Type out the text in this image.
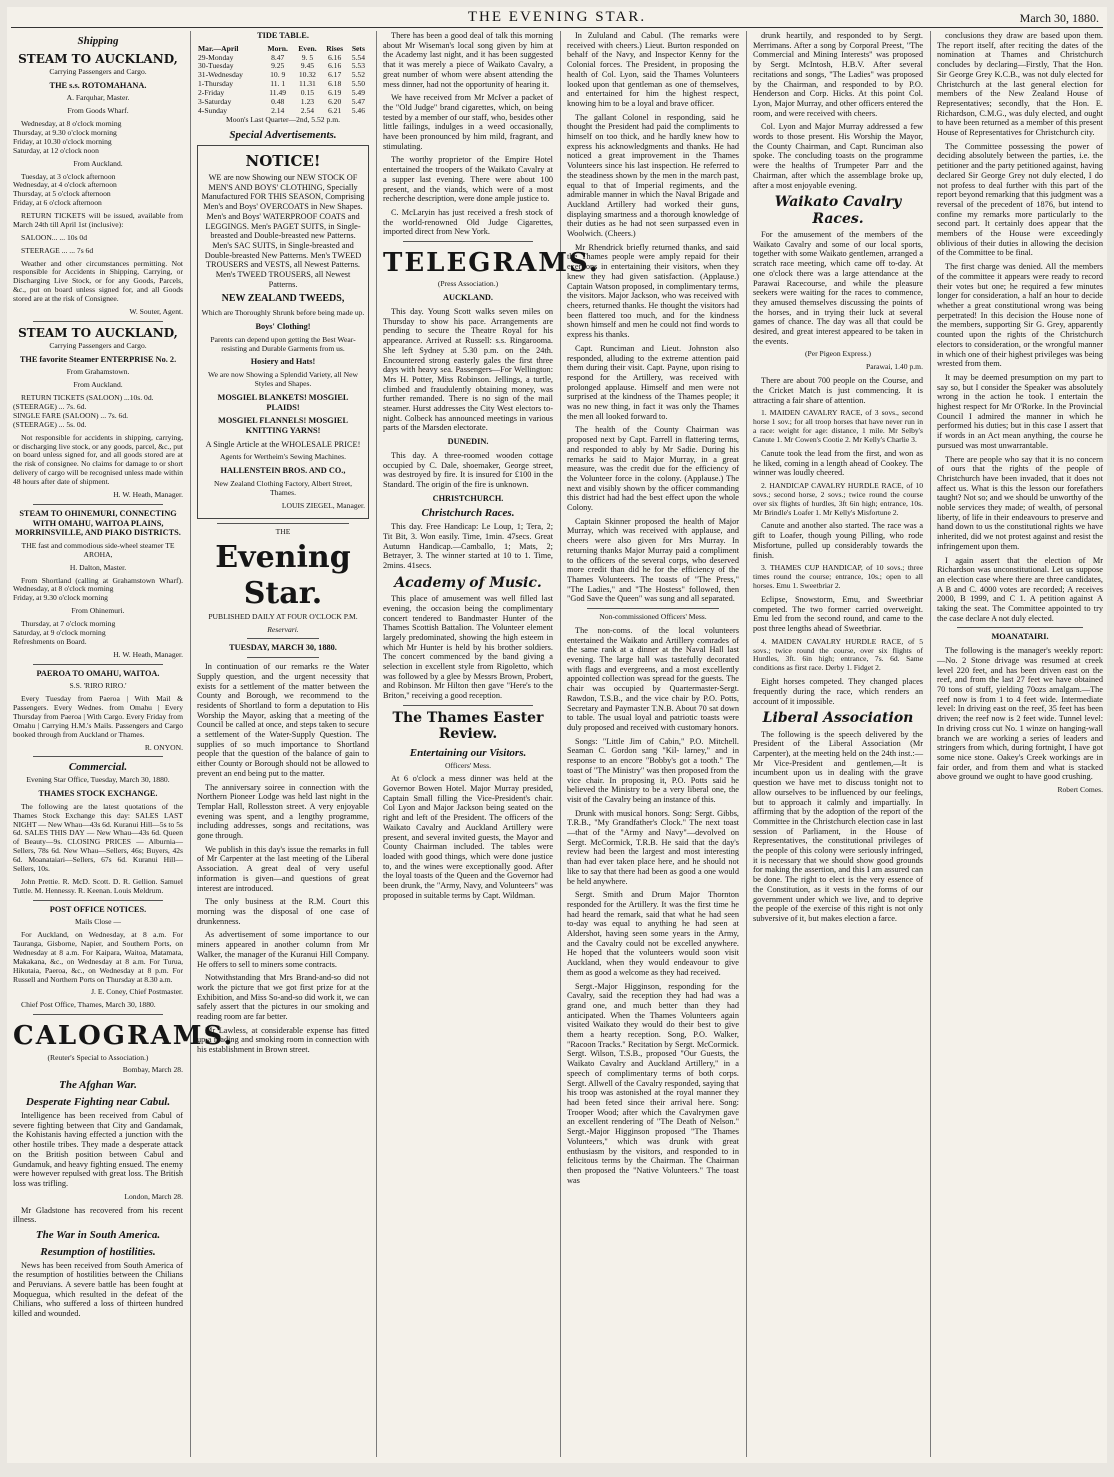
THE EVENING STAR.	March 30, 1880.
Shipping
STEAM TO AUCKLAND,

Carrying Passengers and Cargo.

THE s.s. ROTOMAHANA.

A. Farquhar, Master.

From Goods Wharf.

Wednesday, at 8 o'clock morning
Thursday, at 9.30 o'clock morning
Friday, at 10.30 o'clock morning
Saturday, at 12 o'clock noon

From Auckland.

Tuesday, at 3 o'clock afternoon
Wednesday, at 4 o'clock afternoon
Thursday, at 5 o'clock afternoon
Friday, at 6 o'clock afternoon

RETURN TICKETS will be issued, available from March 24th till April 1st (inclusive):

SALOON... ... 10s 0d

STEERAGE ... ... 7s 6d

Weather and other circumstances permitting. Not responsible for Accidents in Shipping, Carrying, or Discharging Live Stock, or for any Goods, Parcels, &c., put on board unless signed for, and all Goods stored are at the risk of Consignee.

W. Souter, Agent.

STEAM TO AUCKLAND,

Carrying Passengers and Cargo.

THE favorite Steamer ENTERPRISE No. 2.

From Grahamstown.

From Auckland.

RETURN TICKETS (SALOON) ...10s. 0d.
(STEERAGE) ... 7s. 6d.
SINGLE FARE (SALOON) ... 7s. 6d.
(STEERAGE) ... 5s. 0d.

Not responsible for accidents in shipping, carrying, or discharging live stock, or any goods, parcel, &c., put on board unless signed for, and all goods stored are at the risk of consignee. No claims for damage to or short delivery of cargo will be recognised unless made within 48 hours after date of shipment.

H. W. Heath, Manager.

STEAM TO OHINEMURI, CONNECTING WITH OMAHU, WAITOA PLAINS, MORRINSVILLE, AND PIAKO DISTRICTS.

THE fast and commodious side-wheel steamer TE AROHA,

H. Dalton, Master.

From Shortland (calling at Grahamstown Wharf). Wednesday, at 8 o'clock morning
Friday, at 9.30 o'clock morning

From Ohinemuri.

Thursday, at 7 o'clock morning
Saturday, at 9 o'clock morning
Refreshments on Board.

H. W. Heath, Manager.

PAEROA TO OMAHU, WAITOA.

S.S. 'RIRO RIRO.'

Every Tuesday from Paeroa | With Mail & Passengers. Every Wednes. from Omahu | Every Thursday from Paeroa | With Cargo. Every Friday from Omahu | Carrying H.M.'s Mails. Passengers and Cargo booked through from Auckland or Thames.

R. ONYON.

Commercial.

Evening Star Office, Tuesday, March 30, 1880.

THAMES STOCK EXCHANGE.

The following are the latest quotations of the Thames Stock Exchange this day: SALES LAST NIGHT — New Whau—43s 6d. Kuranui Hill—5s to 5s 6d. SALES THIS DAY — New Whau—43s 6d. Queen of Beauty—9s. CLOSING PRICES — Alburnia—Sellers, 78s 6d. New Whau—Sellers, 46s; Buyers, 42s 6d. Moanataiari—Sellers, 67s 6d. Kuranui Hill—Sellers, 10s.

John Prettie. R. McD. Scott. D. R. Gellion. Samuel Tuttle. M. Hennessy. R. Keenan. Louis Meldrum.

POST OFFICE NOTICES.

Mails Close —

For Auckland, on Wednesday, at 8 a.m. For Tauranga, Gisborne, Napier, and Southern Ports, on Wednesday at 8 a.m. For Kaipara, Waitoa, Matamata, Makakana, &c., on Wednesday at 8 a.m. For Turua, Hikutaia, Paeroa, &c., on Wednesday at 8 p.m. For Russell and Northern Ports on Thursday at 8.30 a.m.

J. E. Coney, Chief Postmaster.

Chief Post Office, Thames, March 30, 1880.

CALOGRAMS.

(Reuter's Special to Association.)

Bombay, March 28.

The Afghan War.
Desperate Fighting near Cabul.

Intelligence has been received from Cabul of severe fighting between that City and Gandamak, the Kohistanis having effected a junction with the other hostile tribes. They made a desperate attack on the British position between Cabul and Gundamuk, and heavy fighting ensued. The enemy were however repulsed with great loss. The British loss was trifling.

London, March 28.

Mr Gladstone has recovered from his recent illness.

The War in South America.
Resumption of hostilities.

News has been received from South America of the resumption of hostilities between the Chilians and Peruvians. A severe battle has been fought at Moquegua, which resulted in the defeat of the Chilians, who suffered a loss of thirteen hundred killed and wounded.

TIDE TABLE.

Mar.—April	Morn.	Even.	Rises	Sets
29-Monday	8.47	9. 5	6.16	5.54
30-Tuesday	9.25	9.45	6.16	5.53
31-Wednesday	10. 9	10.32	6.17	5.52
1-Thursday	11. 1	11.31	6.18	5.50
2-Friday	11.49	0.15	6.19	5.49
3-Saturday	0.48	1.23	6.20	5.47
4-Sunday	2.14	2.54	6.21	5.46

Moon's Last Quarter—2nd, 5.52 p.m.

Special Advertisements.
NOTICE!

WE are now Showing our NEW STOCK OF MEN'S AND BOYS' CLOTHING, Specially Manufactured FOR THIS SEASON, Comprising Men's and Boys' OVERCOATS in New Shapes. Men's and Boys' WATERPROOF COATS and LEGGINGS. Men's PAGET SUITS, in Single-breasted and Double-breasted new Patterns. Men's SAC SUITS, in Single-breasted and Double-breasted New Patterns. Men's TWEED TROUSERS and VESTS, all Newest Patterns. Men's TWEED TROUSERS, all Newest Patterns.

NEW ZEALAND TWEEDS,

Which are Thoroughly Shrunk before being made up.

Boys' Clothing!

Parents can depend upon getting the Best Wear-resisting and Durable Garments from us.

Hosiery and Hats!

We are now Showing a Splendid Variety, all New Styles and Shapes.

MOSGIEL BLANKETS! MOSGIEL PLAIDS!

MOSGIEL FLANNELS! MOSGIEL KNITTING YARNS!

A Single Article at the WHOLESALE PRICE!

Agents for Wertheim's Sewing Machines.

HALLENSTEIN BROS. AND CO.,

New Zealand Clothing Factory, Albert Street, Thames.

LOUIS ZIEGEL, Manager.

THE

Evening Star.

PUBLISHED DAILY AT FOUR O'CLOCK P.M.

Reservari.

TUESDAY, MARCH 30, 1880.

In continuation of our remarks re the Water Supply question, and the urgent necessity that exists for a settlement of the matter between the County and Borough, we recommend to the residents of Shortland to form a deputation to His Worship the Mayor, asking that a meeting of the Council be called at once, and steps taken to secure a settlement of the Water-Supply Question. The supplies of so much importance to Shortland people that the question of the balance of gain to either County or Borough should not be allowed to prevent an end being put to the matter.

The anniversary soiree in connection with the Northern Pioneer Lodge was held last night in the Templar Hall, Rollesston street. A very enjoyable evening was spent, and a lengthy programme, including addresses, songs and recitations, was gone through.

We publish in this day's issue the remarks in full of Mr Carpenter at the last meeting of the Liberal Association. A great deal of very useful information is given—and questions of great interest are introduced.

The only business at the R.M. Court this morning was the disposal of one case of drunkenness.

As advertisement of some importance to our miners appeared in another column from Mr Walker, the manager of the Kuranui Hill Company. He offers to sell to miners some contracts.

Notwithstanding that Mrs Brand-and-so did not work the picture that we got first prize for at the Exhibition, and Miss So-and-so did work it, we can safely assert that the pictures in our smoking and reading room are far better.

Mr Lawless, at considerable expense has fitted up a reading and smoking room in connection with his establishment in Brown street.

There has been a good deal of talk this morning about Mr Wiseman's local song given by him at the Academy last night, and it has been suggested that it was merely a piece of Waikato Cavalry, a great number of whom were absent attending the mess dinner, had not the opportunity of hearing it.

We have received from Mr McIver a packet of the "Old Judge" brand cigarettes, which, on being tested by a member of our staff, who, besides other little failings, indulges in a weed occasionally, have been pronounced by him mild, fragrant, and stimulating.

The worthy proprietor of the Empire Hotel entertained the troopers of the Waikato Cavalry at a supper last evening. There were about 100 present, and the viands, which were of a most recherche description, were done ample justice to.

C. McLaryin has just received a fresh stock of the world-renowned Old Judge Cigarettes, imported direct from New York.

TELEGRAMS.

(Press Association.)

AUCKLAND.

This day. Young Scott walks seven miles on Thursday to show his pace. Arrangements are pending to secure the Theatre Royal for his appearance. Arrived at Russell: s.s. Ringarooma. She left Sydney at 5.30 p.m. on the 24th. Encountered strong easterly gales the first three days with heavy sea. Passengers—For Wellington: Mrs H. Potter, Miss Robinson. Jellings, a turtle, climbed and fraudulently obtaining money, was further remanded. There is no sign of the mail steamer. Hurst addresses the City West electors to-night. Colbeck has announced meetings in various parts of the Marsden electorate.

DUNEDIN.

This day. A three-roomed wooden cottage occupied by C. Dale, shoemaker, George street, was destroyed by fire. It is insured for £100 in the Standard. The origin of the fire is unknown.

CHRISTCHURCH.

Christchurch Races.

This day. Free Handicap: Le Loup, 1; Tera, 2; Tit Bit, 3. Won easily. Time, 1min. 47secs. Great Autumn Handicap.—Camballo, 1; Mats, 2; Betrayer, 3. The winner started at 10 to 1. Time, 2mins. 41secs.

Academy of Music.

This place of amusement was well filled last evening, the occasion being the complimentary concert tendered to Bandmaster Hunter of the Thames Scottish Battalion. The Volunteer element largely predominated, showing the high esteem in which Mr Hunter is held by his brother soldiers. The concert commenced by the band giving a selection in excellent style from Rigoletto, which was followed by a glee by Messrs Brown, Probert, and Robinson. Mr Hilton then gave "Here's to the Briton," receiving a good reception.

The Thames Easter Review.
Entertaining our Visitors.

Officers' Mess.

At 6 o'clock a mess dinner was held at the Governor Bowen Hotel. Major Murray presided, Captain Small filling the Vice-President's chair. Col Lyon and Major Jackson being seated on the right and left of the President. The officers of the Waikato Cavalry and Auckland Artillery were present, and several invited guests, the Mayor and County Chairman included. The tables were loaded with good things, which were done justice to, and the wines were exceptionally good. After the loyal toasts of the Queen and the Governor had been drunk, the "Army, Navy, and Volunteers" was proposed in suitable terms by Capt. Wildman.

In Zululand and Cabul. (The remarks were received with cheers.) Lieut. Burton responded on behalf of the Navy, and Inspector Kenny for the Colonial forces. The President, in proposing the health of Col. Lyon, said the Thames Volunteers looked upon that gentleman as one of themselves, and entertained for him the highest respect, knowing him to be a loyal and brave officer.

The gallant Colonel in responding, said he thought the President had paid the compliments to himself on too thick, and he hardly knew how to express his acknowledgments and thanks. He had noticed a great improvement in the Thames Volunteers since his last inspection. He referred to the steadiness shown by the men in the march past, equal to that of Imperial regiments, and the admirable manner in which the Naval Brigade and Auckland Artillery had worked their guns, displaying smartness and a thorough knowledge of their duties as he had not seen surpassed even in Woolwich. (Cheers.)

Mr Rhendrick briefly returned thanks, and said the Thames people were amply repaid for their exertions in entertaining their visitors, when they knew they had given satisfaction. (Applause.) Captain Watson proposed, in complimentary terms, the visitors. Major Jackson, who was received with cheers, returned thanks. He thought the visitors had been flattered too much, and for the kindness shown himself and men he could not find words to express his thanks.

Capt. Runciman and Lieut. Johnston also responded, alluding to the extreme attention paid them during their visit. Capt. Payne, upon rising to respond for the Artillery, was received with prolonged applause. Himself and men were not surprised at the kindness of the Thames people; it was no new thing, in fact it was only the Thames the men all looked forward to.

The health of the County Chairman was proposed next by Capt. Farrell in flattering terms, and responded to ably by Mr Sadie. During his remarks he said to Major Murray, in a great measure, was the credit due for the efficiency of the Volunteer force in the colony. (Applause.) The next and visibly shown by the officer commanding this district had had the best effect upon the whole Colony.

Captain Skinner proposed the health of Major Murray, which was received with applause, and cheers were also given for Mrs Murray. In returning thanks Major Murray paid a compliment to the officers of the several corps, who deserved more credit than did he for the efficiency of the Thames Volunteers. The toasts of "The Press," "The Ladies," and "The Hostess" followed, then "God Save the Queen" was sung and all separated.

Non-commissioned Officers' Mess.

The non-coms. of the local volunteers entertained the Waikato and Artillery comrades of the same rank at a dinner at the Naval Hall last evening. The large hall was tastefully decorated with flags and evergreens, and a most excellently appointed collection was spread for the guests. The chair was occupied by Quartermaster-Sergt. Rawdon, T.S.B., and the vice chair by P.O. Potts, Secretary and Paymaster T.N.B. About 70 sat down to table. The usual loyal and patriotic toasts were duly proposed and received with customary honors.

Songs: "Little Jim of Cabin," P.O. Mitchell. Seaman C. Gordon sang "Kil- larney," and in response to an encore "Bobby's got a tooth." The toast of "The Ministry" was then proposed from the vice chair. In proposing it, P.O. Potts said he believed the Ministry to be a very liberal one, the visit of the Cavalry being an instance of this.

Drunk with musical honors. Song: Sergt. Gibbs, T.R.B., "My Grandfather's Clock." The next toast—that of the "Army and Navy"—devolved on Sergt. McCormick, T.R.B. He said that the day's review had been the largest and most interesting than had ever taken place here, and he should not like to say that there had been as good a one would be held anywhere.

Sergt. Smith and Drum Major Thornton responded for the Artillery. It was the first time he had heard the remark, said that what he had seen to-day was equal to anything he had seen at Aldershot, having seen some years in the Army, and the Cavalry could not be excelled anywhere. He hoped that the volunteers would soon visit Auckland, when they would endeavour to give them as good a welcome as they had received.

Sergt.-Major Higginson, responding for the Cavalry, said the reception they had had was a grand one, and much better than they had anticipated. When the Thames Volunteers again visited Waikato they would do their best to give them a hearty reception. Song, P.O. Walker, "Racoon Tracks." Recitation by Sergt. McCormick. Sergt. Wilson, T.S.B., proposed "Our Guests, the Waikato Cavalry and Auckland Artillery," in a speech of complimentary terms of both corps. Sergt. Allwell of the Cavalry responded, saying that his troop was astonished at the royal manner they had been feted since their arrival here. Song: Trooper Wood; after which the Cavalrymen gave an excellent rendering of "The Death of Nelson." Sergt.-Major Higginson proposed "The Thames Volunteers," which was drunk with great enthusiasm by the visitors, and responded to in felicitous terms by the Chairman. The Chairman then proposed the "Native Volunteers." The toast was

drunk heartily, and responded to by Sergt. Merrimans. After a song by Corporal Preest, "The Commercial and Mining Interests" was proposed by Sergt. McIntosh, H.B.V. After several recitations and songs, "The Ladies" was proposed by the Chairman, and responded to by P.O. Henderson and Corp. Hicks. At this point Col. Lyon, Major Murray, and other officers entered the room, and were received with cheers.

Col. Lyon and Major Murray addressed a few words to those present. His Worship the Mayor, the County Chairman, and Capt. Runciman also spoke. The concluding toasts on the programme were the healths of Trumpeter Parr and the Chairman, after which the assemblage broke up, after a most enjoyable evening.

Waikato Cavalry Races.

For the amusement of the members of the Waikato Cavalry and some of our local sports, together with some Waikato gentlemen, arranged a scratch race meeting, which came off to-day. At one o'clock there was a large attendance at the Parawai Racecourse, and while the pleasure seekers were waiting for the races to commence, they amused themselves discussing the points of the horses, and in trying their luck at several games of chance. The day was all that could be desired, and great interest appeared to be taken in the events.

(Per Pigeon Express.)

Parawai, 1.40 p.m.

There are about 700 people on the Course, and the Cricket Match is just commencing. It is attracting a fair share of attention.

1. MAIDEN CAVALRY RACE, of 3 sovs., second horse 1 sov.; for all troop horses that have never run in a race: weight for age: distance, 1 mile. Mr Selby's Canute 1. Mr Cowen's Cootie 2. Mr Kelly's Charlie 3.

Canute took the lead from the first, and won as he liked, coming in a length ahead of Cookey. The winner was loudly cheered.

2. HANDICAP CAVALRY HURDLE RACE, of 10 sovs.; second horse, 2 sovs.; twice round the course over six flights of hurdles, 3ft 6in high; entrance, 10s. Mr Brindle's Loafer 1. Mr Kelly's Misfortune 2.

Canute and another also started. The race was a gift to Loafer, though young Pilling, who rode Misfortune, pulled up considerably towards the finish.

3. THAMES CUP HANDICAP, of 10 sovs.; three times round the course; entrance, 10s.; open to all horses. Emu 1. Sweetbriar 2.

Eclipse, Snowstorm, Emu, and Sweetbriar competed. The two former carried overweight. Emu led from the second round, and came to the post three lengths ahead of Sweetbriar.

4. MAIDEN CAVALRY HURDLE RACE, of 5 sovs.; twice round the course, over six flights of Hurdles, 3ft. 6in high; entrance, 7s. 6d. Same conditions as first race. Derby 1. Fidget 2.

Eight horses competed. They changed places frequently during the race, which renders an account of it impossible.

Liberal Association

The following is the speech delivered by the President of the Liberal Association (Mr Carpenter), at the meeting held on the 24th inst.:— Mr Vice-President and gentlemen,—It is incumbent upon us in dealing with the grave question we have met to discuss tonight not to allow ourselves to be influenced by our feelings, but to approach it calmly and impartially. In affirming that by the adoption of the report of the Committee in the Christchurch election case in last session of Parliament, in the House of Representatives, the constitutional privileges of the people of this colony were seriously infringed, it is necessary that we should show good grounds for making the assertion, and this I am assured can be done. The right to elect is the very essence of the Constitution, as it vests in the forms of our government under which we live, and to deprive the people of the exercise of this right is not only subversive of it, but makes election a farce.

conclusions they draw are based upon them. The report itself, after reciting the dates of the nomination at Thames and Christchurch concludes by declaring—Firstly, That the Hon. Sir George Grey K.C.B., was not duly elected for Christchurch at the last general election for members of the New Zealand House of Representatives; secondly, that the Hon. E. Richardson, C.M.G., was duly elected, and ought to have been returned as a member of this present House of Representatives for Christchurch city.

The Committee possessing the power of deciding absolutely between the parties, i.e. the petitioner and the party petitioned against, having declared Sir George Grey not duly elected, I do not profess to deal further with this part of the report beyond remarking that this judgment was a reversal of the precedent of 1876, but intend to confine my remarks more particularly to the second part. It certainly does appear that the members of the House were exceedingly oblivious of their duties in allowing the decision of the Committee to be final.

The first charge was denied. All the members of the committee it appears were ready to record their votes but one; he required a few minutes longer for consideration, a half an hour to decide whether a great constitutional wrong was being perpetrated! In this decision the House none of the members, supporting Sir G. Grey, apparently counted upon the rights of the Christchurch electors to consideration, or the wrongful manner in which one of their highest privileges was being wrested from them.

It may be deemed presumption on my part to say so, but I consider the Speaker was absolutely wrong in the action he took. I entertain the highest respect for Mr O'Rorke. In the Provincial Council I admired the manner in which he performed his duties; but in this case I assert that if words in an Act mean anything, the course he pursued was most unwarrantable.

There are people who say that it is no concern of ours that the rights of the people of Christchurch have been invaded, that it does not affect us. What is this the lesson our forefathers taught? Not so; and we should be unworthy of the noble services they made; of wealth, of personal liberty, of life in their endeavours to preserve and hand down to us the constitutional rights we have inherited, did we not protest against and resist the infringement upon them.

I again assert that the election of Mr Richardson was unconstitutional. Let us suppose an election case where there are three candidates, A B and C. 4000 votes are recorded; A receives 2000, B 1999, and C 1. A petition against A taking the seat. The Committee appointed to try the case declare A not duly elected.

MOANATAIRI.

The following is the manager's weekly report:—No. 2 Stone drivage was resumed at creek level 220 feet, and has been driven east on the reef, and from the last 27 feet we have obtained 70 tons of stuff, yielding 70ozs amalgam.—The reef now is from 1 to 4 feet wide. Intermediate level: In driving east on the reef, 35 feet has been driven; the reef now is 2 feet wide. Tunnel level: In driving cross cut No. 1 winze on hanging-wall branch we are working a series of leaders and stringers from which, during fortnight, I have got some nice stone. Oakey's Creek workings are in fair order, and from them and what is stacked above ground we ought to have good crushing.

Robert Comes.
